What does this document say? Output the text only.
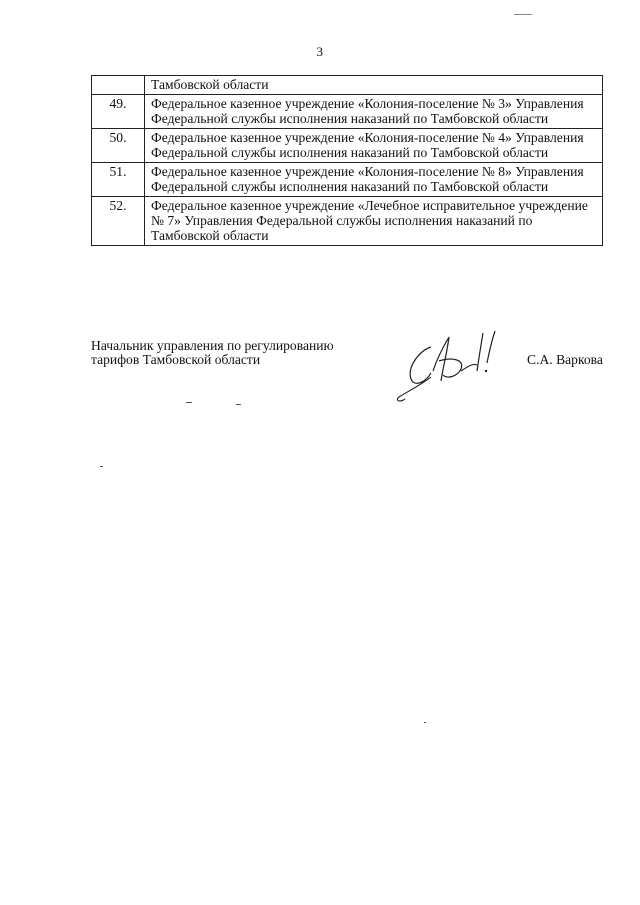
3
	Тамбовской области
49.	Федеральное казенное учреждение «Колония-поселение № 3» Управления Федеральной службы исполнения наказаний по Тамбовской области
50.	Федеральное казенное учреждение «Колония-поселение № 4» Управления Федеральной службы исполнения наказаний по Тамбовской области
51.	Федеральное казенное учреждение «Колония-поселение № 8» Управления Федеральной службы исполнения наказаний по Тамбовской области
52.	Федеральное казенное учреждение «Лечебное исправительное учреждение № 7» Управления Федеральной службы исполнения наказаний по Тамбовской области
Начальник управления по регулированию
тарифов Тамбовской области	С.А. Варкова
